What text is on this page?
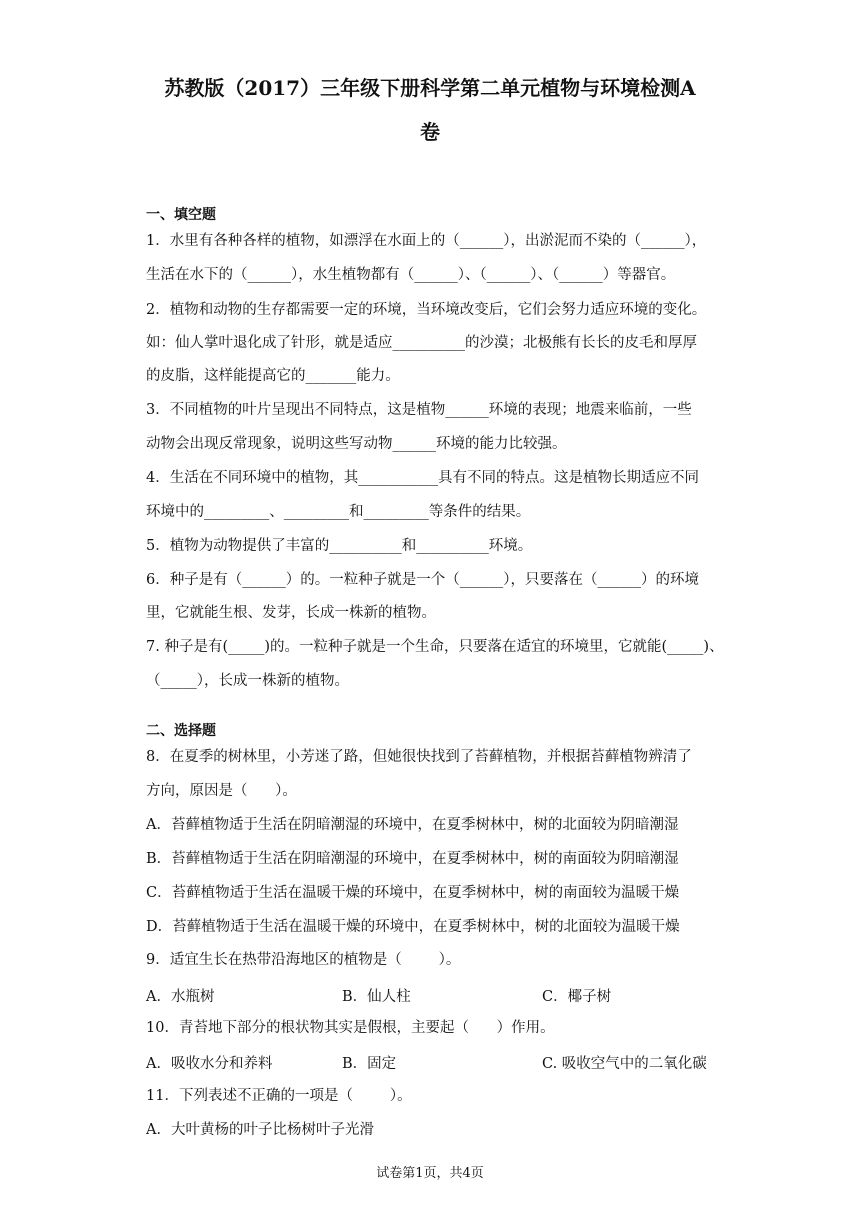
苏教版（2017）三年级下册科学第二单元植物与环境检测A
卷
一、填空题
1．水里有各种各样的植物，如漂浮在水面上的（______），出淤泥而不染的（______），
生活在水下的（______），水生植物都有（______）、（______）、（______）等器官。
2．植物和动物的生存都需要一定的环境，当环境改变后，它们会努力适应环境的变化。
如：仙人掌叶退化成了针形，就是适应__________的沙漠；北极熊有长长的皮毛和厚厚
的皮脂，这样能提高它的_______能力。
3．不同植物的叶片呈现出不同特点，这是植物______环境的表现；地震来临前，一些
动物会出现反常现象，说明这些写动物______环境的能力比较强。
4．生活在不同环境中的植物，其___________具有不同的特点。这是植物长期适应不同
环境中的_________、_________和_________等条件的结果。
5．植物为动物提供了丰富的__________和__________环境。
6．种子是有（______）的。一粒种子就是一个（______），只要落在（______）的环境
里，它就能生根、发芽，长成一株新的植物。
7. 种子是有(_____)的。一粒种子就是一个生命，只要落在适宜的环境里，它就能(_____)、
（_____），长成一株新的植物。
二、选择题
8．在夏季的树林里，小芳迷了路，但她很快找到了苔藓植物，并根据苔藓植物辨清了
方向，原因是（      ）。
A．苔藓植物适于生活在阴暗潮湿的环境中，在夏季树林中，树的北面较为阴暗潮湿
B．苔藓植物适于生活在阴暗潮湿的环境中，在夏季树林中，树的南面较为阴暗潮湿
C．苔藓植物适于生活在温暖干燥的环境中，在夏季树林中，树的南面较为温暖干燥
D．苔藓植物适于生活在温暖干燥的环境中，在夏季树林中，树的北面较为温暖干燥
9．适宜生长在热带沿海地区的植物是（        ）。

A．水瓶树

	B．仙人柱

	C．椰子树

10．青苔地下部分的根状物其实是假根，主要起（      ）作用。

A．吸收水分和养料

	B．固定

	C. 吸收空气中的二氧化碳

11．下列表述不正确的一项是（        ）。
A．大叶黄杨的叶子比杨树叶子光滑
试卷第1页，共4页
